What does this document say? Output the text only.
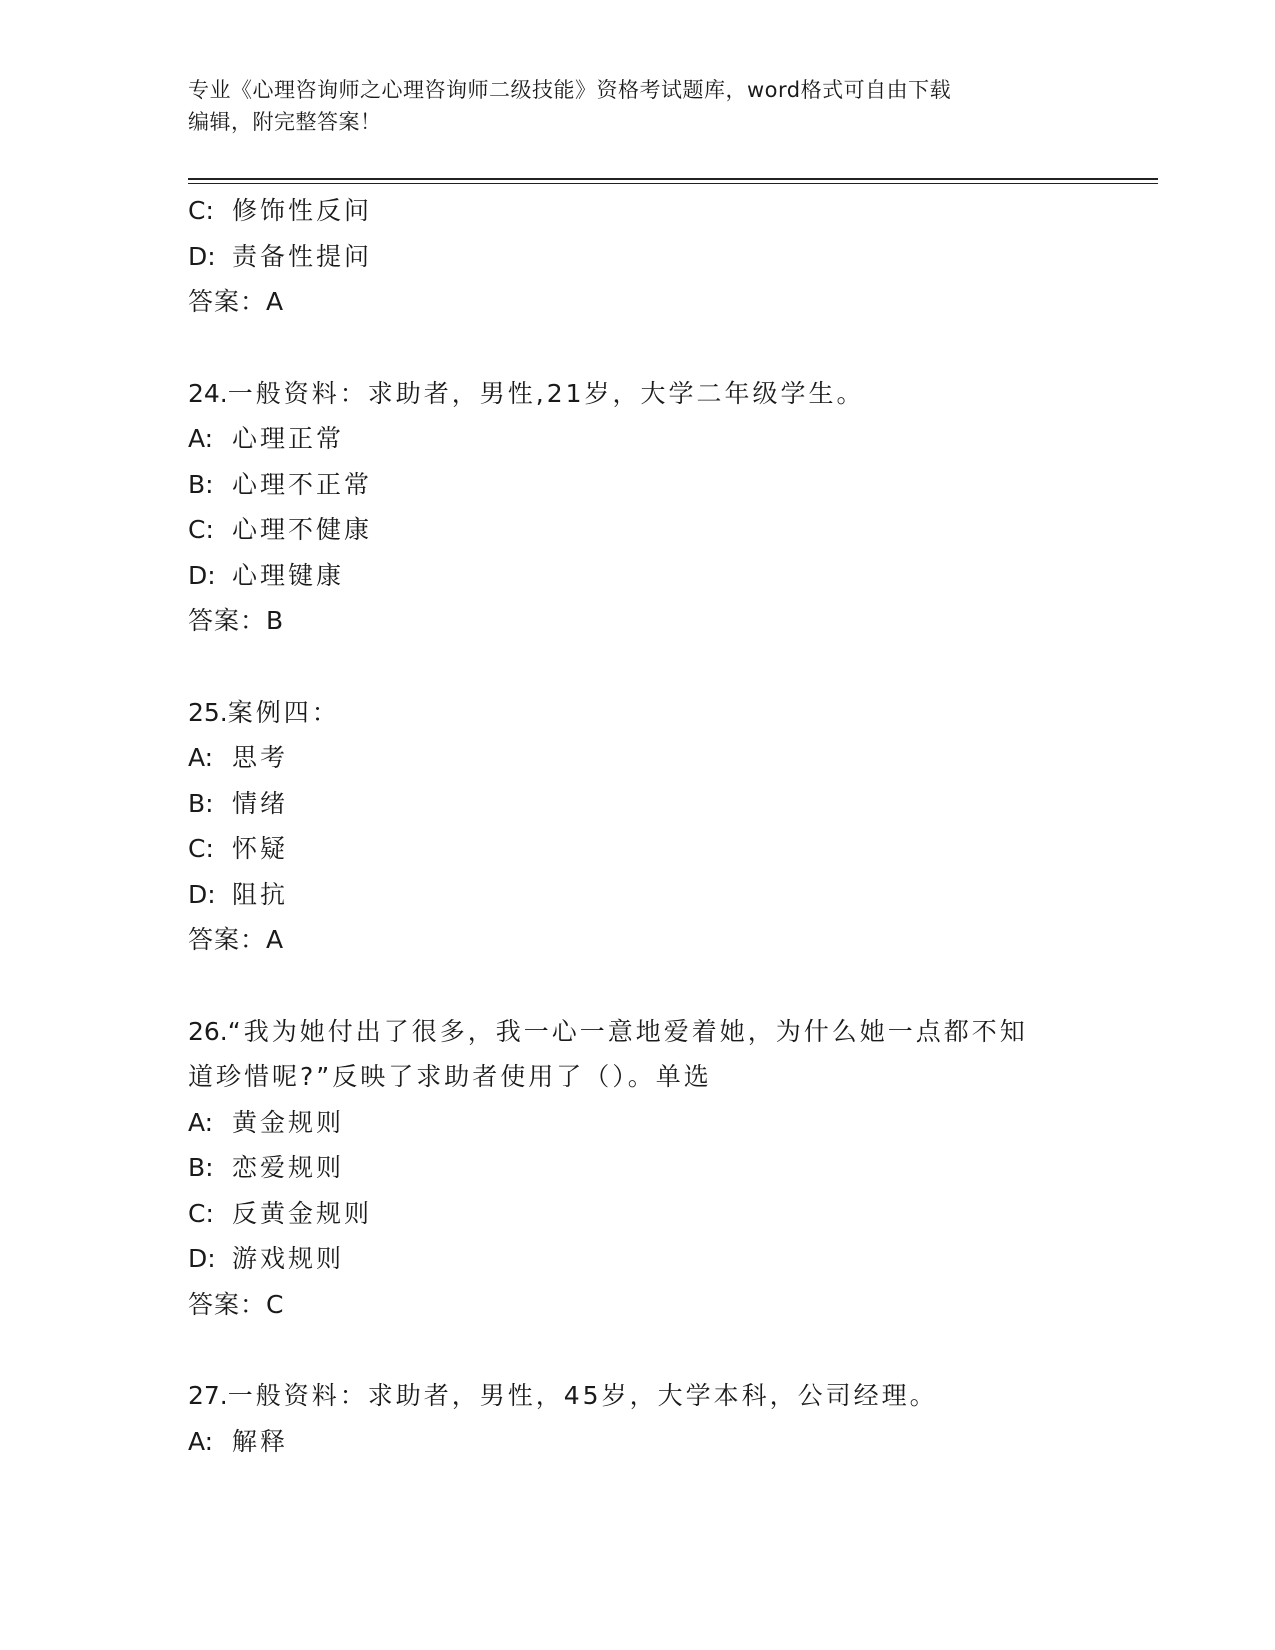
专业《心理咨询师之心理咨询师二级技能》资格考试题库，word格式可自由下载
编辑，附完整答案！
C: 修饰性反问
D: 责备性提问
答案：A
24.一般资料：求助者，男性,21岁，大学二年级学生。
A: 心理正常
B: 心理不正常
C: 心理不健康
D: 心理键康
答案：B
25.案例四：
A: 思考
B: 情绪
C: 怀疑
D: 阻抗
答案：A
26.“我为她付出了很多，我一心一意地爱着她，为什么她一点都不知
道珍惜呢?”反映了求助者使用了（）。单选
A: 黄金规则
B: 恋爱规则
C: 反黄金规则
D: 游戏规则
答案：C
27.一般资料：求助者，男性，45岁，大学本科，公司经理。
A: 解释
